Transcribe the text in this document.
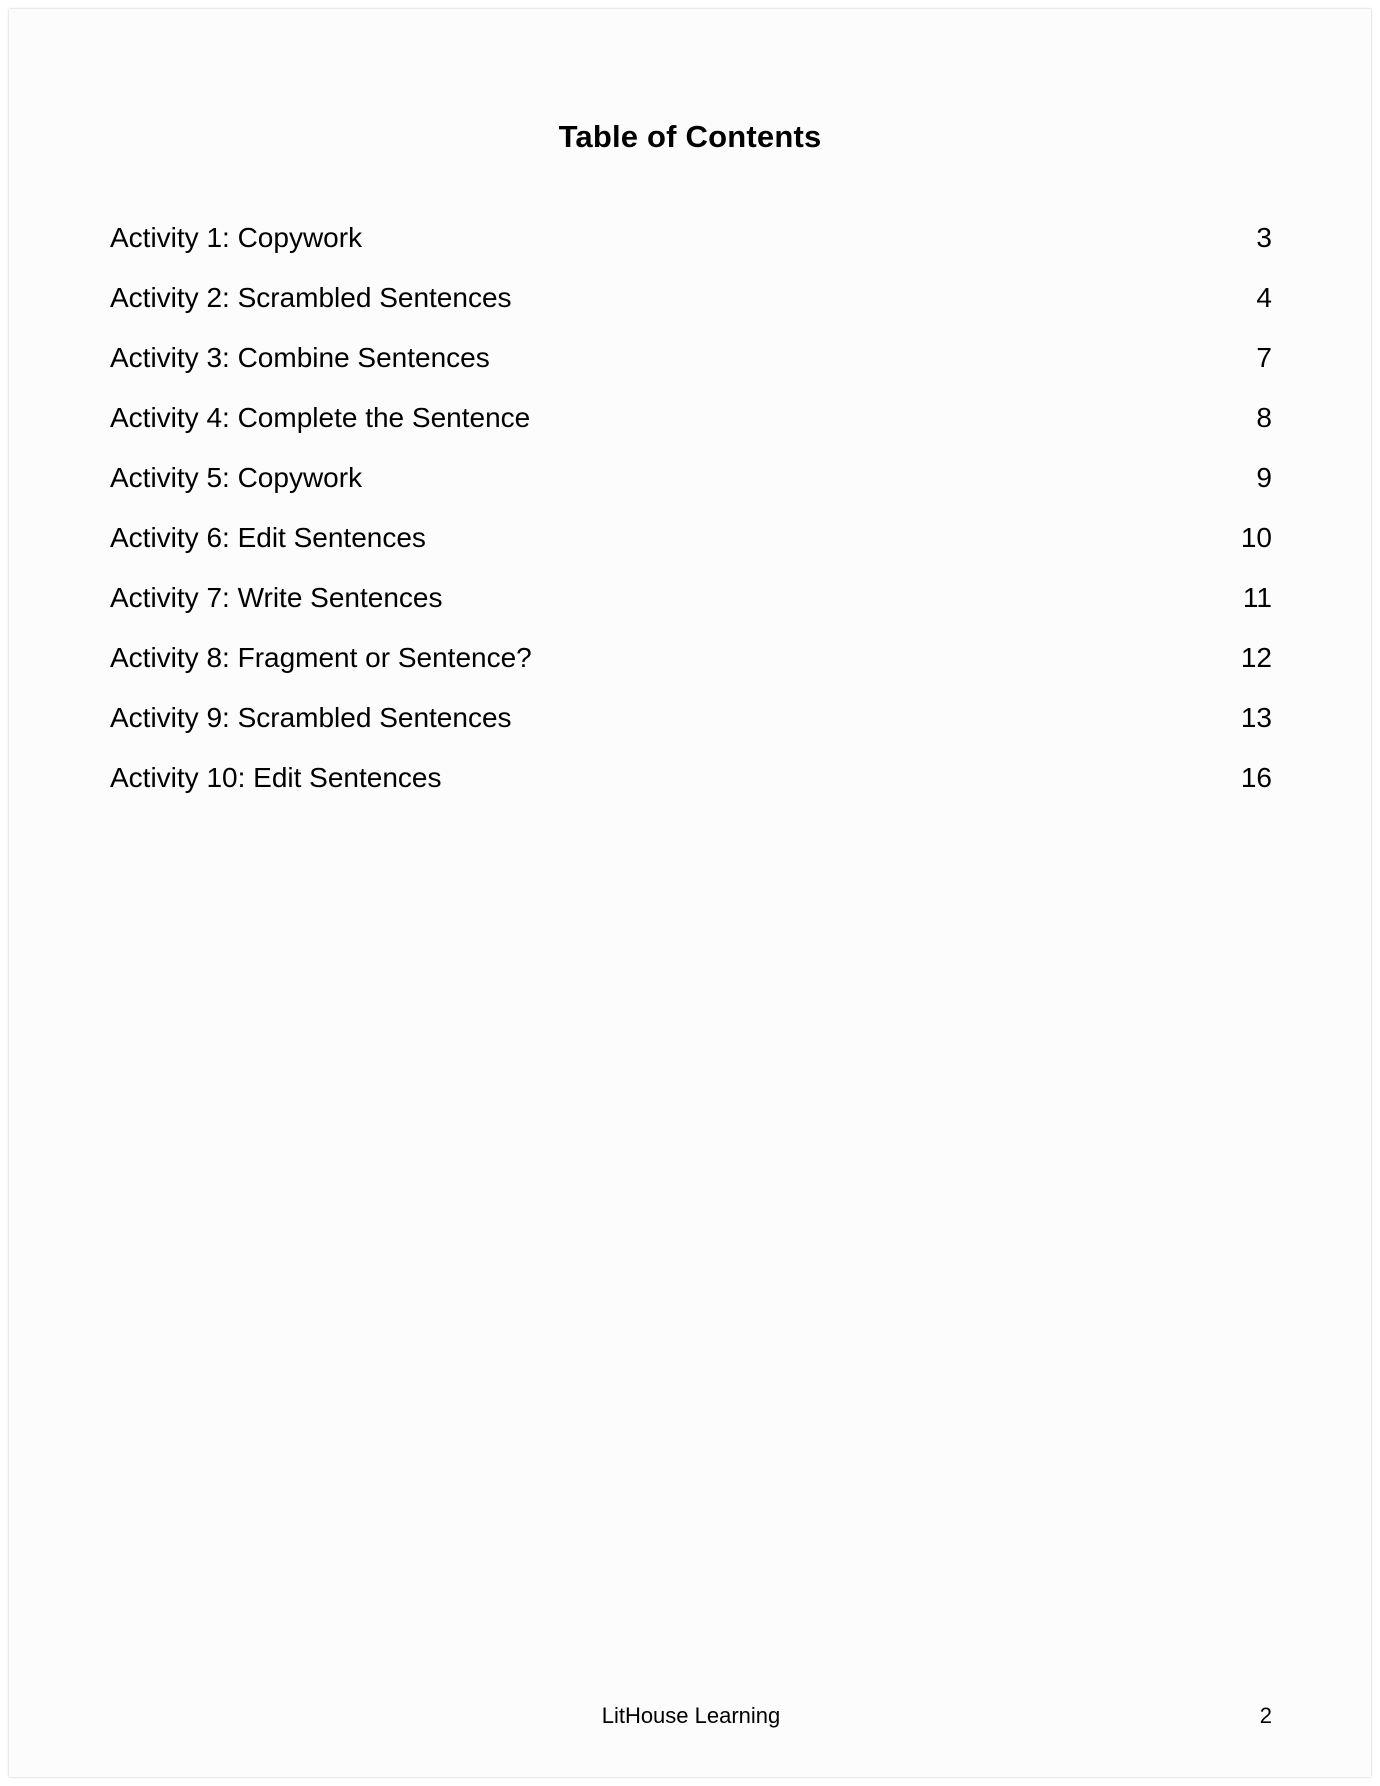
Table of Contents
Activity 1: Copywork	3
Activity 2: Scrambled Sentences	4
Activity 3: Combine Sentences	7
Activity 4: Complete the Sentence	8
Activity 5: Copywork	9
Activity 6: Edit Sentences	10
Activity 7: Write Sentences	11
Activity 8: Fragment or Sentence?	12
Activity 9: Scrambled Sentences	13
Activity 10: Edit Sentences	16
LitHouse Learning	2
